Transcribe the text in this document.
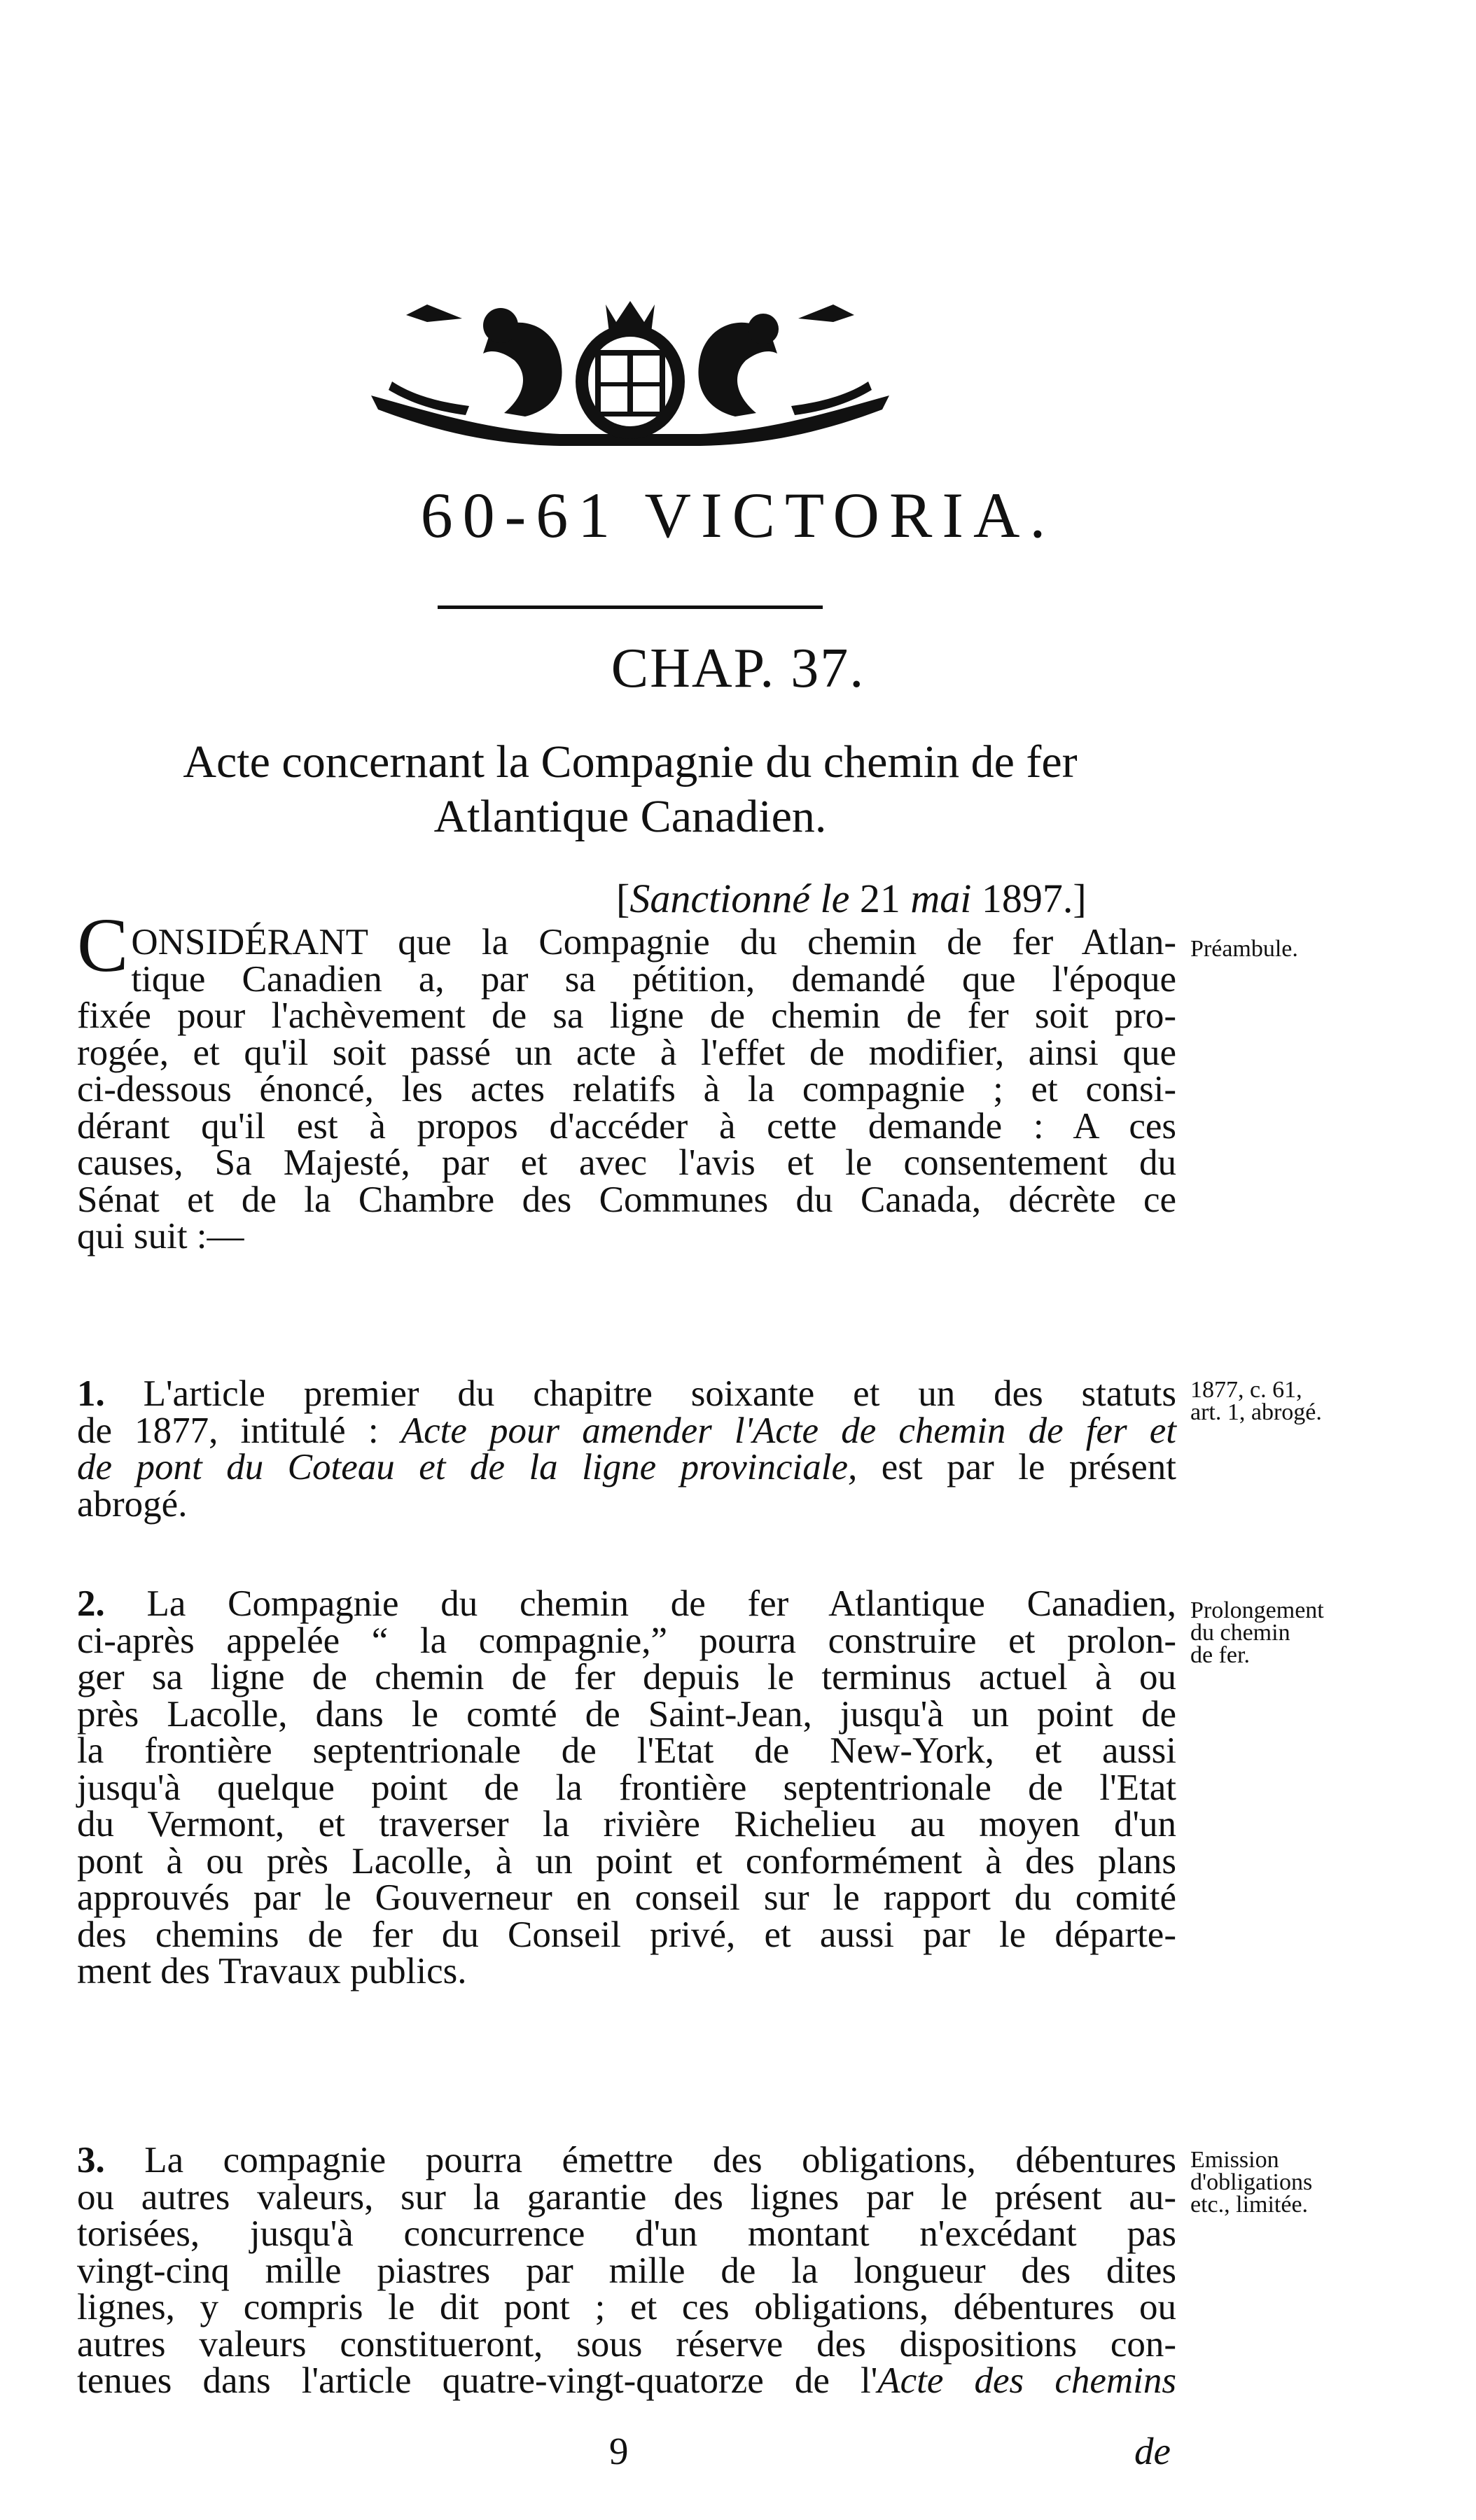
60-61 VICTORIA.
CHAP. 37.
Acte concernant la Compagnie du chemin de fer
Atlantique Canadien.
[Sanctionné le 21 mai 1897.]
C ONSIDÉRANT que la Compagnie du chemin de fer Atlan-
tique Canadien a, par sa pétition, demandé que l'époque
fixée pour l'achèvement de sa ligne de chemin de fer soit pro-
rogée, et qu'il soit passé un acte à l'effet de modifier, ainsi que
ci-dessous énoncé, les actes relatifs à la compagnie ; et consi-
dérant qu'il est à propos d'accéder à cette demande : A ces
causes, Sa Majesté, par et avec l'avis et le consentement du
Sénat et de la Chambre des Communes du Canada, décrète ce
qui suit :—
Préambule.
1. L'article premier du chapitre soixante et un des statuts
de 1877, intitulé : Acte pour amender l'Acte de chemin de fer et
de pont du Coteau et de la ligne provinciale, est par le présent
abrogé.
1877, c. 61,
art. 1, abrogé.
2. La Compagnie du chemin de fer Atlantique Canadien,
ci-après appelée “ la compagnie,” pourra construire et prolon-
ger sa ligne de chemin de fer depuis le terminus actuel à ou
près Lacolle, dans le comté de Saint-Jean, jusqu'à un point de
la frontière septentrionale de l'Etat de New-York, et aussi
jusqu'à quelque point de la frontière septentrionale de l'Etat
du Vermont, et traverser la rivière Richelieu au moyen d'un
pont à ou près Lacolle, à un point et conformément à des plans
approuvés par le Gouverneur en conseil sur le rapport du comité
des chemins de fer du Conseil privé, et aussi par le départe-
ment des Travaux publics.
Prolongement
du chemin
de fer.
3. La compagnie pourra émettre des obligations, débentures
ou autres valeurs, sur la garantie des lignes par le présent au-
torisées, jusqu'à concurrence d'un montant n'excédant pas
vingt-cinq mille piastres par mille de la longueur des dites
lignes, y compris le dit pont ; et ces obligations, débentures ou
autres valeurs constitueront, sous réserve des dispositions con-
tenues dans l'article quatre-vingt-quatorze de l'Acte des chemins
Emission
d'obligations
etc., limitée.
9	de
